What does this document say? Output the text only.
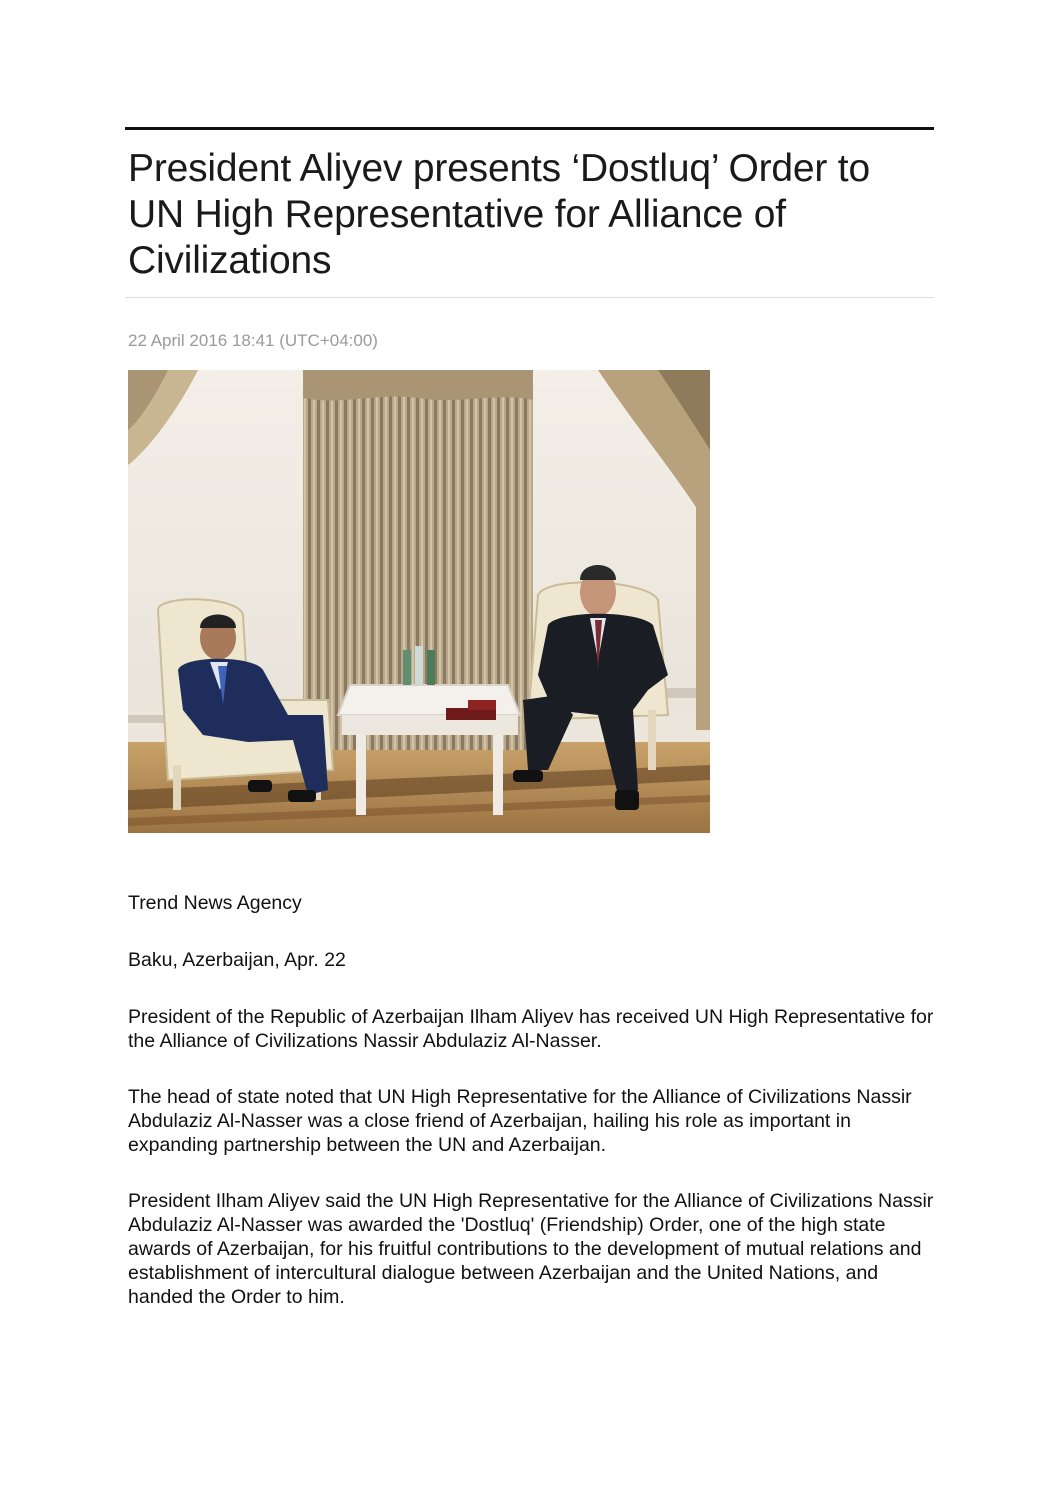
President Aliyev presents ‘Dostluq’ Order to UN High Representative for Alliance of Civilizations
22 April 2016 18:41 (UTC+04:00)

Trend News Agency

Baku, Azerbaijan, Apr. 22

President of the Republic of Azerbaijan Ilham Aliyev has received UN High Representative for the Alliance of Civilizations Nassir Abdulaziz Al-Nasser.

The head of state noted that UN High Representative for the Alliance of Civilizations Nassir Abdulaziz Al-Nasser was a close friend of Azerbaijan, hailing his role as important in expanding partnership between the UN and Azerbaijan.

President Ilham Aliyev said the UN High Representative for the Alliance of Civilizations Nassir Abdulaziz Al-Nasser was awarded the 'Dostluq' (Friendship) Order, one of the high state awards of Azerbaijan, for his fruitful contributions to the development of mutual relations and establishment of intercultural dialogue between Azerbaijan and the United Nations, and handed the Order to him.
